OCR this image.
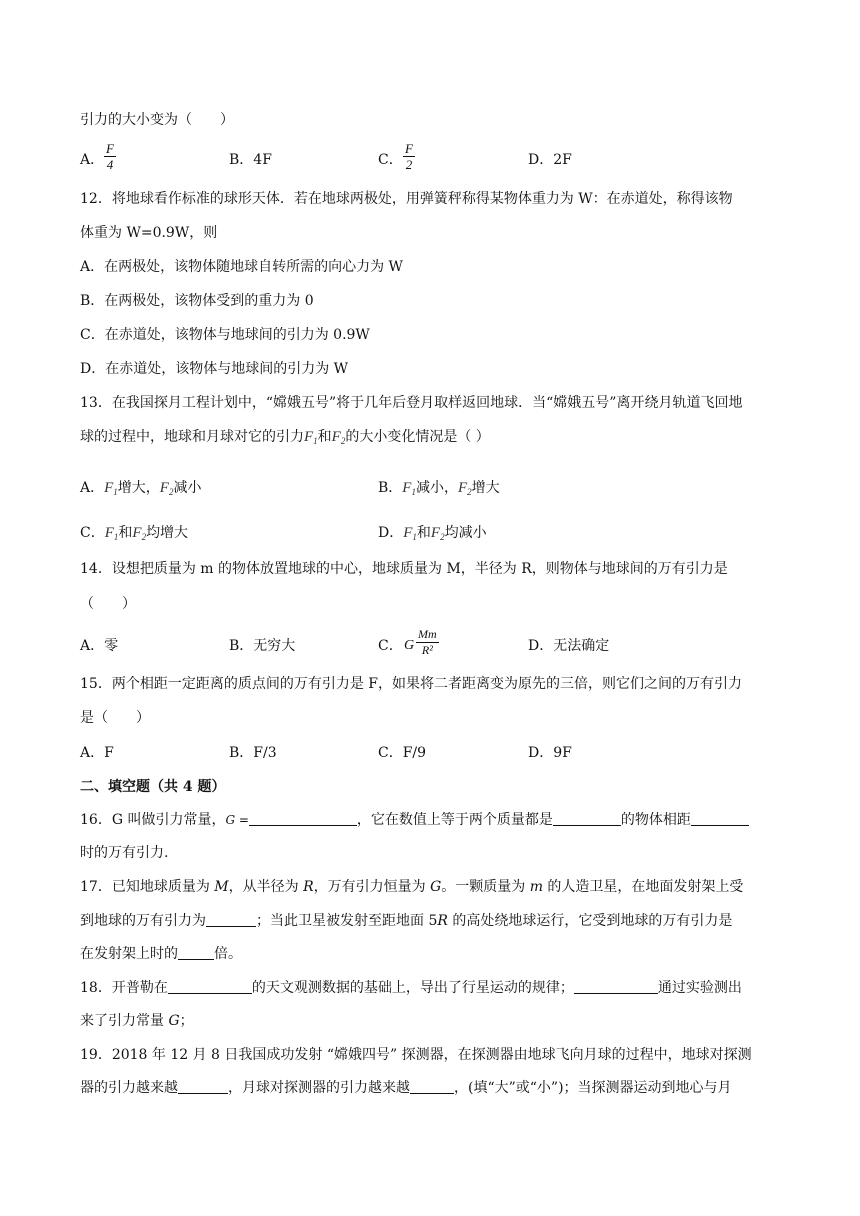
引力的大小变为（　　）
A． $\frac{F}{4}$	B．4F	C． $\frac{F}{2}$	D．2F
12．将地球看作标准的球形天体．若在地球两极处，用弹簧秤称得某物体重力为 W：在赤道处，称得该物
体重为 W=0.9W，则
A．在两极处，该物体随地球自转所需的向心力为 W
B．在两极处，该物体受到的重力为 0
C．在赤道处，该物体与地球间的引力为 0.9W
D．在赤道处，该物体与地球间的引力为 W
13．在我国探月工程计划中，“嫦娥五号”将于几年后登月取样返回地球．当“嫦娥五号”离开绕月轨道飞回地
球的过程中，地球和月球对它的引力$F_1$和$F_2$的大小变化情况是（ ）
A．$F_1$增大，$F_2$减小	B．$F_1$减小，$F_2$增大
C．$F_1$和$F_2$均增大	D．$F_1$和$F_2$均减小
14．设想把质量为 m 的物体放置地球的中心，地球质量为 M，半径为 R，则物体与地球间的万有引力是
（　　）
A．零	B．无穷大	C． G $\frac{Mm}{\text{R²}}$	D．无法确定
15．两个相距一定距离的质点间的万有引力是 F，如果将二者距离变为原先的三倍，则它们之间的万有引力
是（　　）
A．F	B．F/3	C．F/9	D．9F
二、填空题（共 4 题）
16．G 叫做引力常量，G =	，它在数值上等于两个质量都是	的物体相距
时的万有引力.
17．已知地球质量为 M，从半径为 R，万有引力恒量为 G。一颗质量为 m 的人造卫星，在地面发射架上受
到地球的万有引力为	；当此卫星被发射至距地面 5R 的高处绕地球运行，它受到地球的万有引力是
在发射架上时的	倍。
18．开普勒在	的天文观测数据的基础上，导出了行星运动的规律；	通过实验测出
来了引力常量 G；
19．2018 年 12 月 8 日我国成功发射 “嫦娥四号” 探测器，在探测器由地球飞向月球的过程中，地球对探测
器的引力越来越	，月球对探测器的引力越来越	，(填“大”或“小”)；当探测器运动到地心与月
